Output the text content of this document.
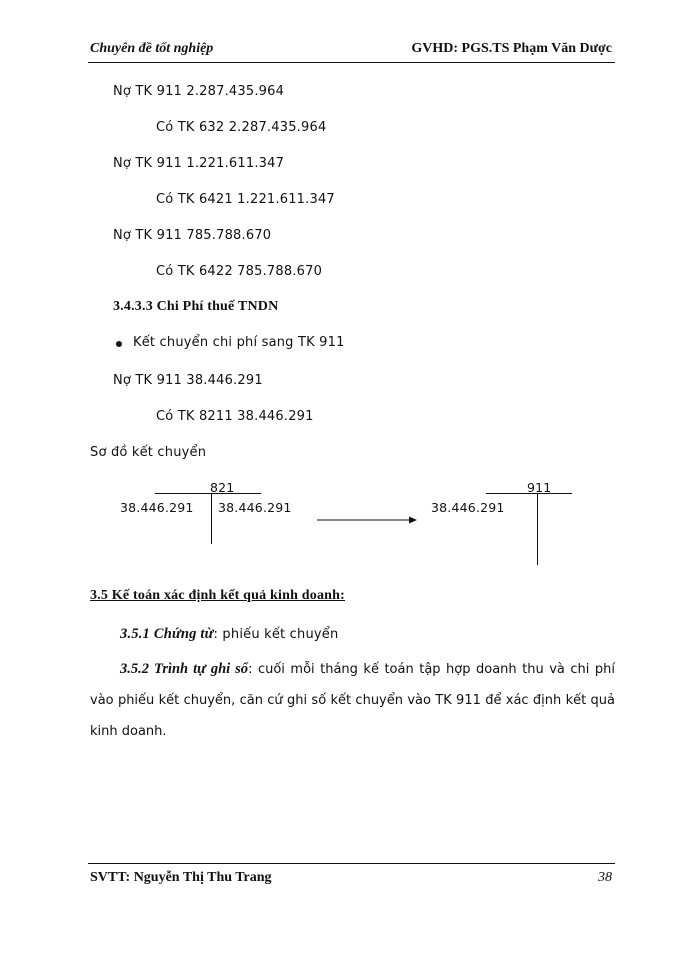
Chuyên đề tốt nghiệp	GVHD: PGS.TS Phạm Văn Dược
Nợ TK 911 2.287.435.964
Có TK 632 2.287.435.964
Nợ TK 911 1.221.611.347
Có TK 6421 1.221.611.347
Nợ TK 911 785.788.670
Có TK 6422 785.788.670
3.4.3.3 Chi Phí thuế TNDN
Kết chuyển chi phí sang TK 911
Nợ TK 911 38.446.291
Có TK 8211 38.446.291
Sơ đồ kết chuyển
821
38.446.291 38.446.291
911
38.446.291
3.5 Kế toán xác định kết quả kinh doanh:
3.5.1 Chứng từ: phiếu kết chuyển
3.5.2 Trình tự ghi sổ: cuối mỗi tháng kế toán tập hợp doanh thu và chi phí vào phiếu kết chuyển, căn cứ ghi số kết chuyển vào TK 911 để xác định kết quả kinh doanh.
SVTT: Nguyễn Thị Thu Trang	38
